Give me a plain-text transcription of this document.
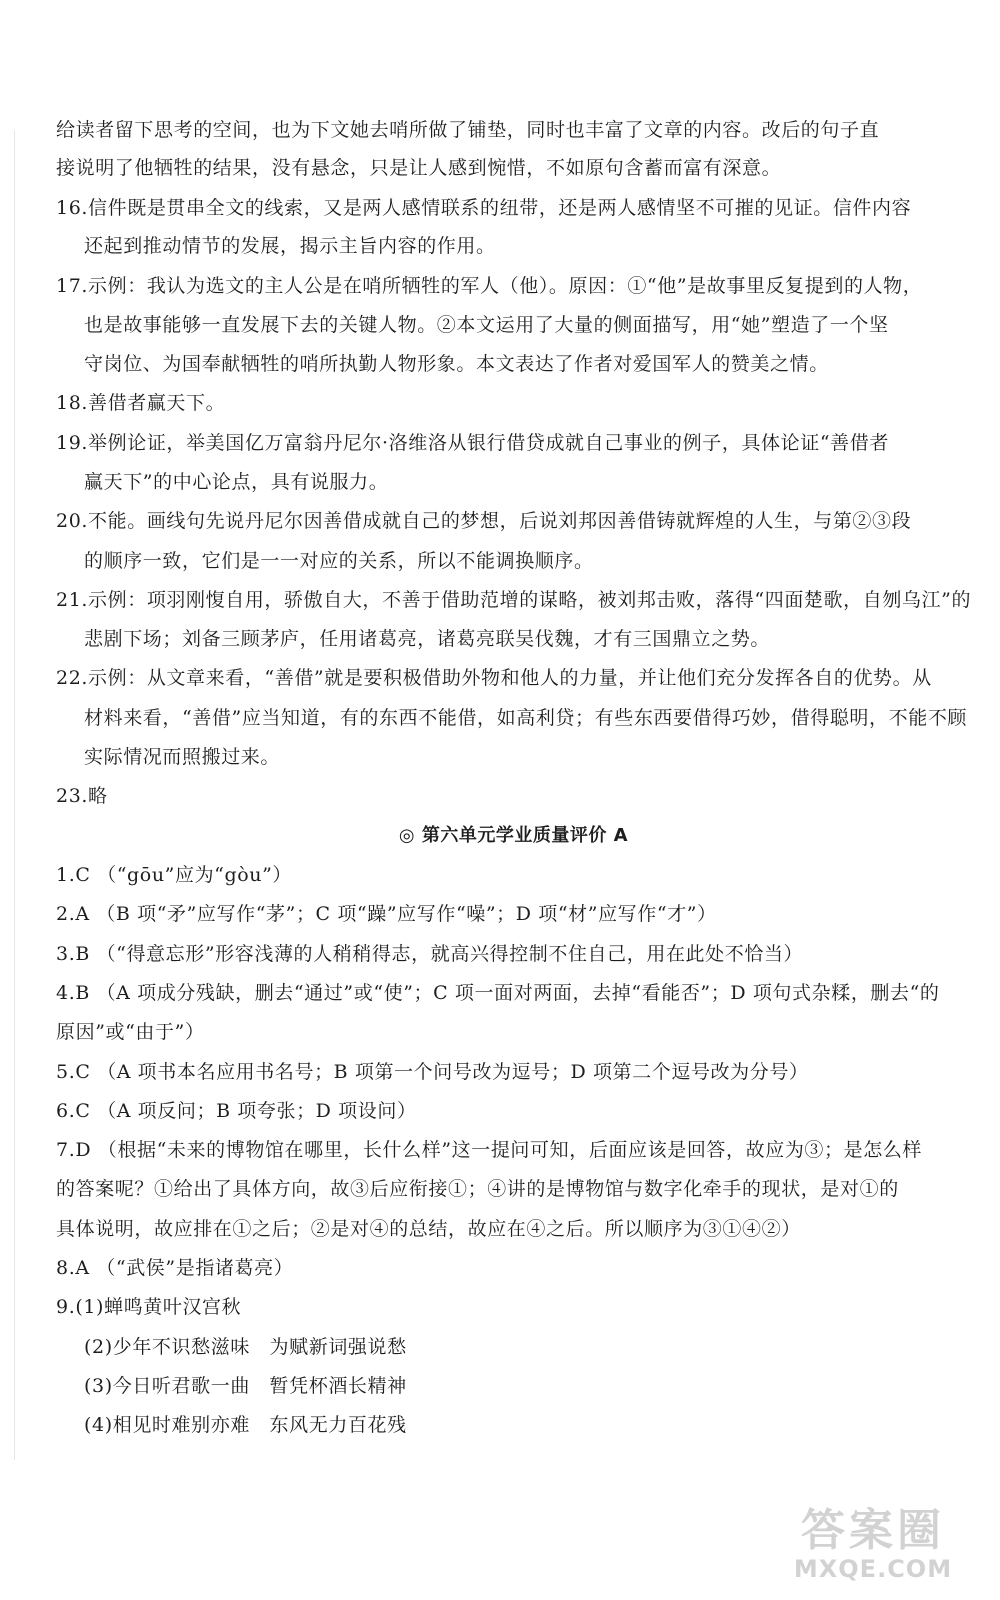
给读者留下思考的空间，也为下文她去哨所做了铺垫，同时也丰富了文章的内容。改后的句子直
接说明了他牺牲的结果，没有悬念，只是让人感到惋惜，不如原句含蓄而富有深意。
16.信件既是贯串全文的线索，又是两人感情联系的纽带，还是两人感情坚不可摧的见证。信件内容
还起到推动情节的发展，揭示主旨内容的作用。
17.示例：我认为选文的主人公是在哨所牺牲的军人（他）。原因：①“他”是故事里反复提到的人物，
也是故事能够一直发展下去的关键人物。②本文运用了大量的侧面描写，用“她”塑造了一个坚
守岗位、为国奉献牺牲的哨所执勤人物形象。本文表达了作者对爱国军人的赞美之情。
18.善借者赢天下。
19.举例论证，举美国亿万富翁丹尼尔·洛维洛从银行借贷成就自己事业的例子，具体论证“善借者
赢天下”的中心论点，具有说服力。
20.不能。画线句先说丹尼尔因善借成就自己的梦想，后说刘邦因善借铸就辉煌的人生，与第②③段
的顺序一致，它们是一一对应的关系，所以不能调换顺序。
21.示例：项羽刚愎自用，骄傲自大，不善于借助范增的谋略，被刘邦击败，落得“四面楚歌，自刎乌江”的
悲剧下场；刘备三顾茅庐，任用诸葛亮，诸葛亮联吴伐魏，才有三国鼎立之势。
22.示例：从文章来看，“善借”就是要积极借助外物和他人的力量，并让他们充分发挥各自的优势。从
材料来看，“善借”应当知道，有的东西不能借，如高利贷；有些东西要借得巧妙，借得聪明，不能不顾
实际情况而照搬过来。
23.略
◎ 第六单元学业质量评价 A
1.C （“gōu”应为“gòu”）
2.A （B 项“矛”应写作“茅”；C 项“躁”应写作“噪”；D 项“材”应写作“才”）
3.B （“得意忘形”形容浅薄的人稍稍得志，就高兴得控制不住自己，用在此处不恰当）
4.B （A 项成分残缺，删去“通过”或“使”；C 项一面对两面，去掉“看能否”；D 项句式杂糅，删去“的
原因”或“由于”）
5.C （A 项书本名应用书名号；B 项第一个问号改为逗号；D 项第二个逗号改为分号）
6.C （A 项反问；B 项夸张；D 项设问）
7.D （根据“未来的博物馆在哪里，长什么样”这一提问可知，后面应该是回答，故应为③；是怎么样
的答案呢？①给出了具体方向，故③后应衔接①；④讲的是博物馆与数字化牵手的现状，是对①的
具体说明，故应排在①之后；②是对④的总结，故应在④之后。所以顺序为③①④②）
8.A （“武侯”是指诸葛亮）
9.(1)蝉鸣黄叶汉宫秋
(2)少年不识愁滋味　为赋新词强说愁
(3)今日听君歌一曲　暂凭杯酒长精神
(4)相见时难别亦难　东风无力百花残
答案圈
MXQE.COM
